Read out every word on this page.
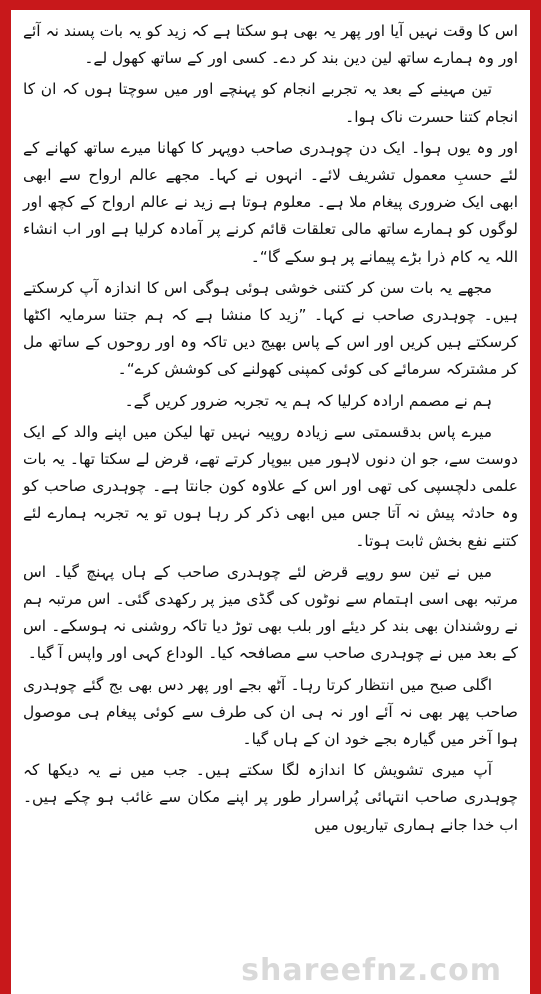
اس کا وقت نہیں آیا اور پھر یہ بھی ہو سکتا ہے کہ زید کو یہ بات پسند نہ آئے اور وہ ہمارے ساتھ لین دین بند کر دے۔ کسی اور کے ساتھ کھول لے۔

تین مہینے کے بعد یہ تجربے انجام کو پہنچے اور میں سوچتا ہوں کہ ان کا انجام کتنا حسرت ناک ہوا۔

اور وہ یوں ہوا۔ ایک دن چوہدری صاحب دوپہر کا کھانا میرے ساتھ کھانے کے لئے حسبِ معمول تشریف لائے۔ انہوں نے کہا۔ مجھے عالم ارواح سے ابھی ابھی ایک ضروری پیغام ملا ہے۔ معلوم ہوتا ہے زید نے عالم ارواح کے کچھ اور لوگوں کو ہمارے ساتھ مالی تعلقات قائم کرنے پر آمادہ کرلیا ہے اور اب انشاء اللہ یہ کام ذرا بڑے پیمانے پر ہو سکے گا“۔

مجھے یہ بات سن کر کتنی خوشی ہوئی ہوگی اس کا اندازہ آپ کرسکتے ہیں۔ چوہدری صاحب نے کہا۔ ”زید کا منشا ہے کہ ہم جتنا سرمایہ اکٹھا کرسکتے ہیں کریں اور اس کے پاس بھیج دیں تاکہ وہ اور روحوں کے ساتھ مل کر مشترکہ سرمائے کی کوئی کمپنی کھولنے کی کوشش کرے“۔

ہم نے مصمم ارادہ کرلیا کہ ہم یہ تجربہ ضرور کریں گے۔

میرے پاس بدقسمتی سے زیادہ روپیہ نہیں تھا لیکن میں اپنے والد کے ایک دوست سے، جو ان دنوں لاہور میں بیوپار کرتے تھے، قرض لے سکتا تھا۔ یہ بات علمی دلچسپی کی تھی اور اس کے علاوہ کون جانتا ہے۔ چوہدری صاحب کو وہ حادثہ پیش نہ آتا جس میں ابھی ذکر کر رہا ہوں تو یہ تجربہ ہمارے لئے کتنے نفع بخش ثابت ہوتا۔

میں نے تین سو روپے قرض لئے چوہدری صاحب کے ہاں پہنچ گیا۔ اس مرتبہ بھی اسی اہتمام سے نوٹوں کی گڈی میز پر رکھدی گئی۔ اس مرتبہ ہم نے روشندان بھی بند کر دیئے اور بلب بھی توڑ دیا تاکہ روشنی نہ ہوسکے۔ اس کے بعد میں نے چوہدری صاحب سے مصافحہ کیا۔ الوداع کہی اور واپس آ گیا۔

اگلی صبح میں انتظار کرتا رہا۔ آٹھ بجے اور پھر دس بھی بج گئے چوہدری صاحب پھر بھی نہ آئے اور نہ ہی ان کی طرف سے کوئی پیغام ہی موصول ہوا آخر میں گیارہ بجے خود ان کے ہاں گیا۔

آپ میری تشویش کا اندازہ لگا سکتے ہیں۔ جب میں نے یہ دیکھا کہ چوہدری صاحب انتہائی پُراسرار طور پر اپنے مکان سے غائب ہو چکے ہیں۔ اب خدا جانے ہماری تیاریوں میں

shareefnz.com
